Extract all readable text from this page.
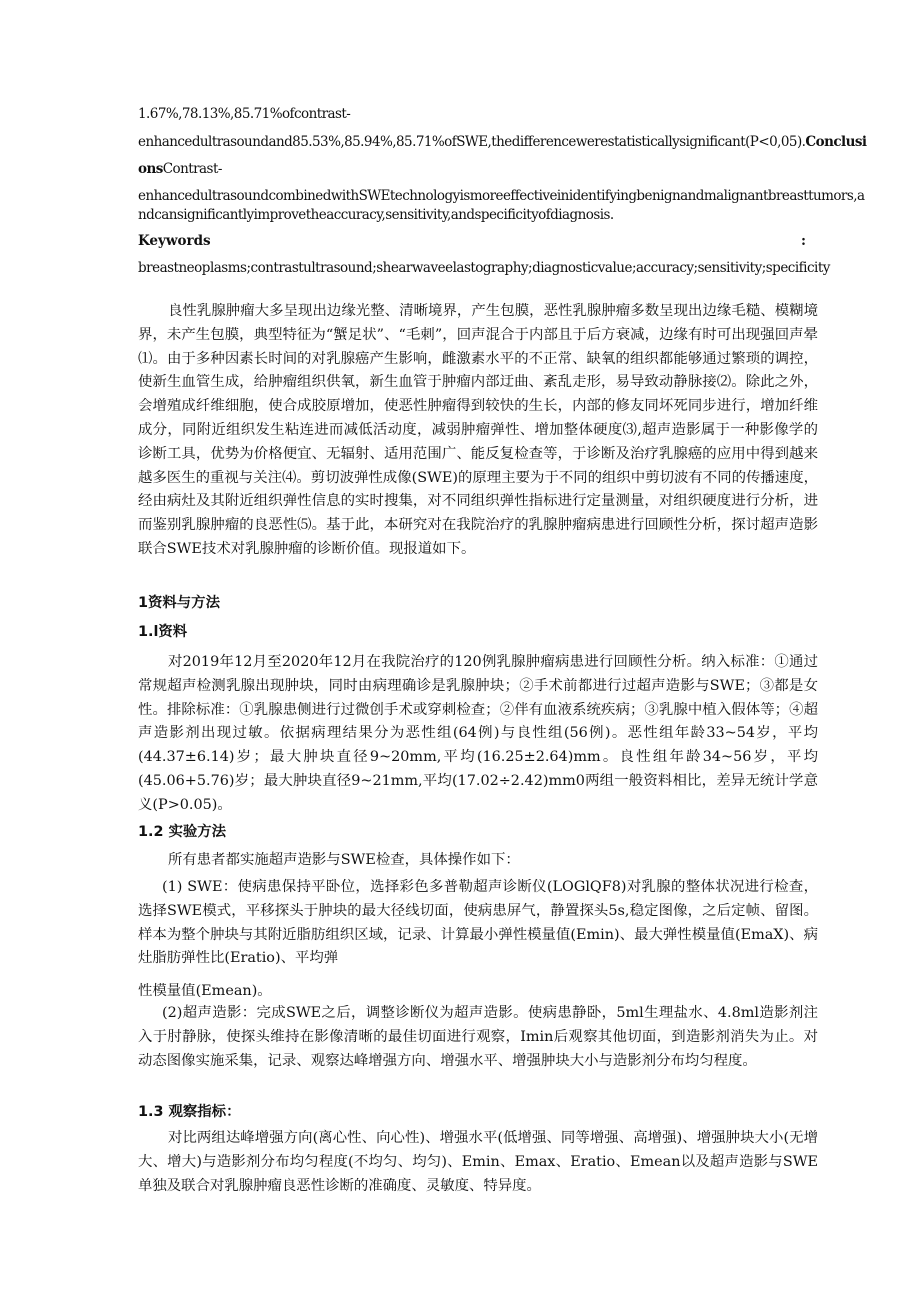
1.67%,78.13%,85.71%ofcontrast-
enhancedultrasoundand85.53%,85.94%,85.71%ofSWE,thedifferencewerestatisticallysignificant(P<0,05).Conclusi
onsContrast-
enhancedultrasoundcombinedwithSWEtechnologyismoreeffectiveinidentifyingbenignandmalignantbreasttumors,a
ndcansignificantlyimprovetheaccuracy,sensitivity,andspecificityofdiagnosis.
Keywords	:
breastneoplasms;contrastultrasound;shearwaveelastography;diagnosticvalue;accuracy;sensitivity;specificity

良性乳腺肿瘤大多呈现出边缘光整、清晰境界，产生包膜，恶性乳腺肿瘤多数呈现出边缘毛糙、模糊境界，未产生包膜，典型特征为“蟹足状”、“毛刺”，回声混合于内部且于后方衰减，边缘有时可出现强回声晕⑴。由于多种因素长时间的对乳腺癌产生影响，雌激素水平的不正常、缺氧的组织都能够通过繁琐的调控，使新生血管生成，给肿瘤组织供氧，新生血管于肿瘤内部迂曲、紊乱走形，易导致动静脉接⑵。除此之外，会增殖成纤维细胞，使合成胶原增加，使恶性肿瘤得到较快的生长，内部的修友同坏死同步进行，增加纤维成分，同附近组织发生粘连进而减低活动度，减弱肿瘤弹性、增加整体硬度⑶,超声造影属于一种影像学的诊断工具，优势为价格便宜、无辐射、适用范围广、能反复检查等，于诊断及治疗乳腺癌的应用中得到越来越多医生的重视与关注⑷。剪切波弹性成像(SWE)的原理主要为于不同的组织中剪切波有不同的传播速度，经由病灶及其附近组织弹性信息的实时搜集，对不同组织弹性指标进行定量测量，对组织硬度进行分析，进而鉴别乳腺肿瘤的良恶性⑸。基于此，本研究对在我院治疗的乳腺肿瘤病患进行回顾性分析，探讨超声造影联合SWE技术对乳腺肿瘤的诊断价值。现报道如下。

1资料与方法
1.l资料

对2019年12月至2020年12月在我院治疗的120例乳腺肿瘤病患进行回顾性分析。纳入标准：①通过常规超声检测乳腺出现肿块，同时由病理确诊是乳腺肿块；②手术前都进行过超声造影与SWE；③都是女性。排除标准：①乳腺患侧进行过微创手术或穿刺检查；②伴有血液系统疾病；③乳腺中植入假体等；④超声造影剂出现过敏。依据病理结果分为恶性组(64例)与良性组(56例)。恶性组年龄33~54岁，平均(44.37±6.14)岁；最大肿块直径9~20mm,平均(16.25±2.64)mm。良性组年龄34~56岁，平均(45.06+5.76)岁；最大肿块直径9~21mm,平均(17.02÷2.42)mm0两组一般资料相比，差异无统计学意义(P>0.05)。

1.2 实验方法

所有患者都实施超声造影与SWE检查，具体操作如下：

(1) SWE：使病患保持平卧位，选择彩色多普勒超声诊断仪(LOGlQF8)对乳腺的整体状况进行检查，选择SWE模式，平移探头于肿块的最大径线切面，使病患屏气，静置探头5s,稳定图像，之后定帧、留图。样本为整个肿块与其附近脂肪组织区域，记录、计算最小弹性模量值(Emin)、最大弹性模量值(EmaX)、病灶脂肪弹性比(Eratio)、平均弹

性模量值(Emean)。

(2)超声造影：完成SWE之后，调整诊断仪为超声造影。使病患静卧，5ml生理盐水、4.8ml造影剂注入于肘静脉，使探头维持在影像清晰的最佳切面进行观察，Imin后观察其他切面，到造影剂消失为止。对动态图像实施采集，记录、观察达峰增强方向、增强水平、增强肿块大小与造影剂分布均匀程度。

1.3 观察指标：

对比两组达峰增强方向(离心性、向心性)、增强水平(低增强、同等增强、高增强)、增强肿块大小(无增大、增大)与造影剂分布均匀程度(不均匀、均匀)、Emin、Emax、Eratio、Emean以及超声造影与SWE单独及联合对乳腺肿瘤良恶性诊断的准确度、灵敏度、特异度。
